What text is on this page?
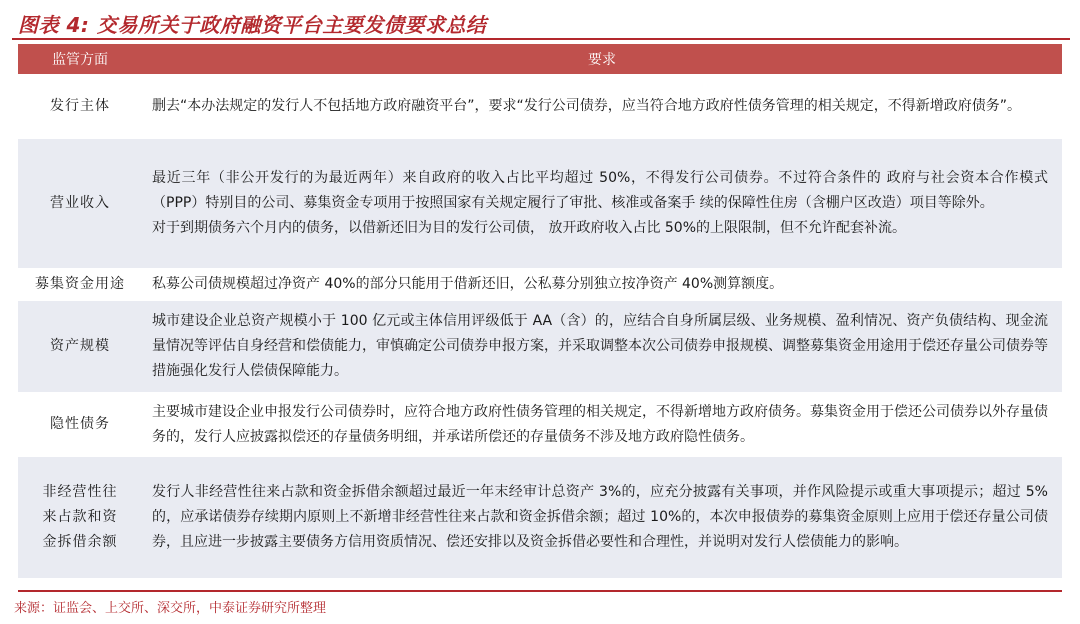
图表 4: 交易所关于政府融资平台主要发债要求总结
监管方面	要求
发行主体	删去“本办法规定的发行人不包括地方政府融资平台”，要求“发行公司债券，应当符合地方政府性债务管理的相关规定，不得新增政府债务”。

营业收入	最近三年（非公开发行的为最近两年）来自政府的收入占比平均超过 50%，不得发行公司债券。不过符合条件的 政府与社会资本合作模式（PPP）特别目的公司、募集资金专项用于按照国家有关规定履行了审批、核准或备案手 续的保障性住房（含棚户区改造）项目等除外。

对于到期债务六个月内的债务，以借新还旧为目的发行公司债， 放开政府收入占比 50%的上限限制，但不允许配套补流。

募集资金用途	私募公司债规模超过净资产 40%的部分只能用于借新还旧，公私募分别独立按净资产 40%测算额度。

资产规模	城市建设企业总资产规模小于 100 亿元或主体信用评级低于 AA（含）的，应结合自身所属层级、业务规模、盈利情况、资产负债结构、现金流量情况等评估自身经营和偿债能力，审慎确定公司债券申报方案，并采取调整本次公司债券申报规模、调整募集资金用途用于偿还存量公司债券等措施强化发行人偿债保障能力。

隐性债务	主要城市建设企业申报发行公司债券时，应符合地方政府性债务管理的相关规定，不得新增地方政府债务。募集资金用于偿还公司债券以外存量债务的，发行人应披露拟偿还的存量债务明细，并承诺所偿还的存量债务不涉及地方政府隐性债务。

非经营性往来占款和资金拆借余额	发行人非经营性往来占款和资金拆借余额超过最近一年末经审计总资产 3%的，应充分披露有关事项，并作风险提示或重大事项提示；超过 5%的，应承诺债券存续期内原则上不新增非经营性往来占款和资金拆借余额；超过 10%的，本次申报债券的募集资金原则上应用于偿还存量公司债券，且应进一步披露主要债务方信用资质情况、偿还安排以及资金拆借必要性和合理性，并说明对发行人偿债能力的影响。

来源：证监会、上交所、深交所，中泰证券研究所整理
